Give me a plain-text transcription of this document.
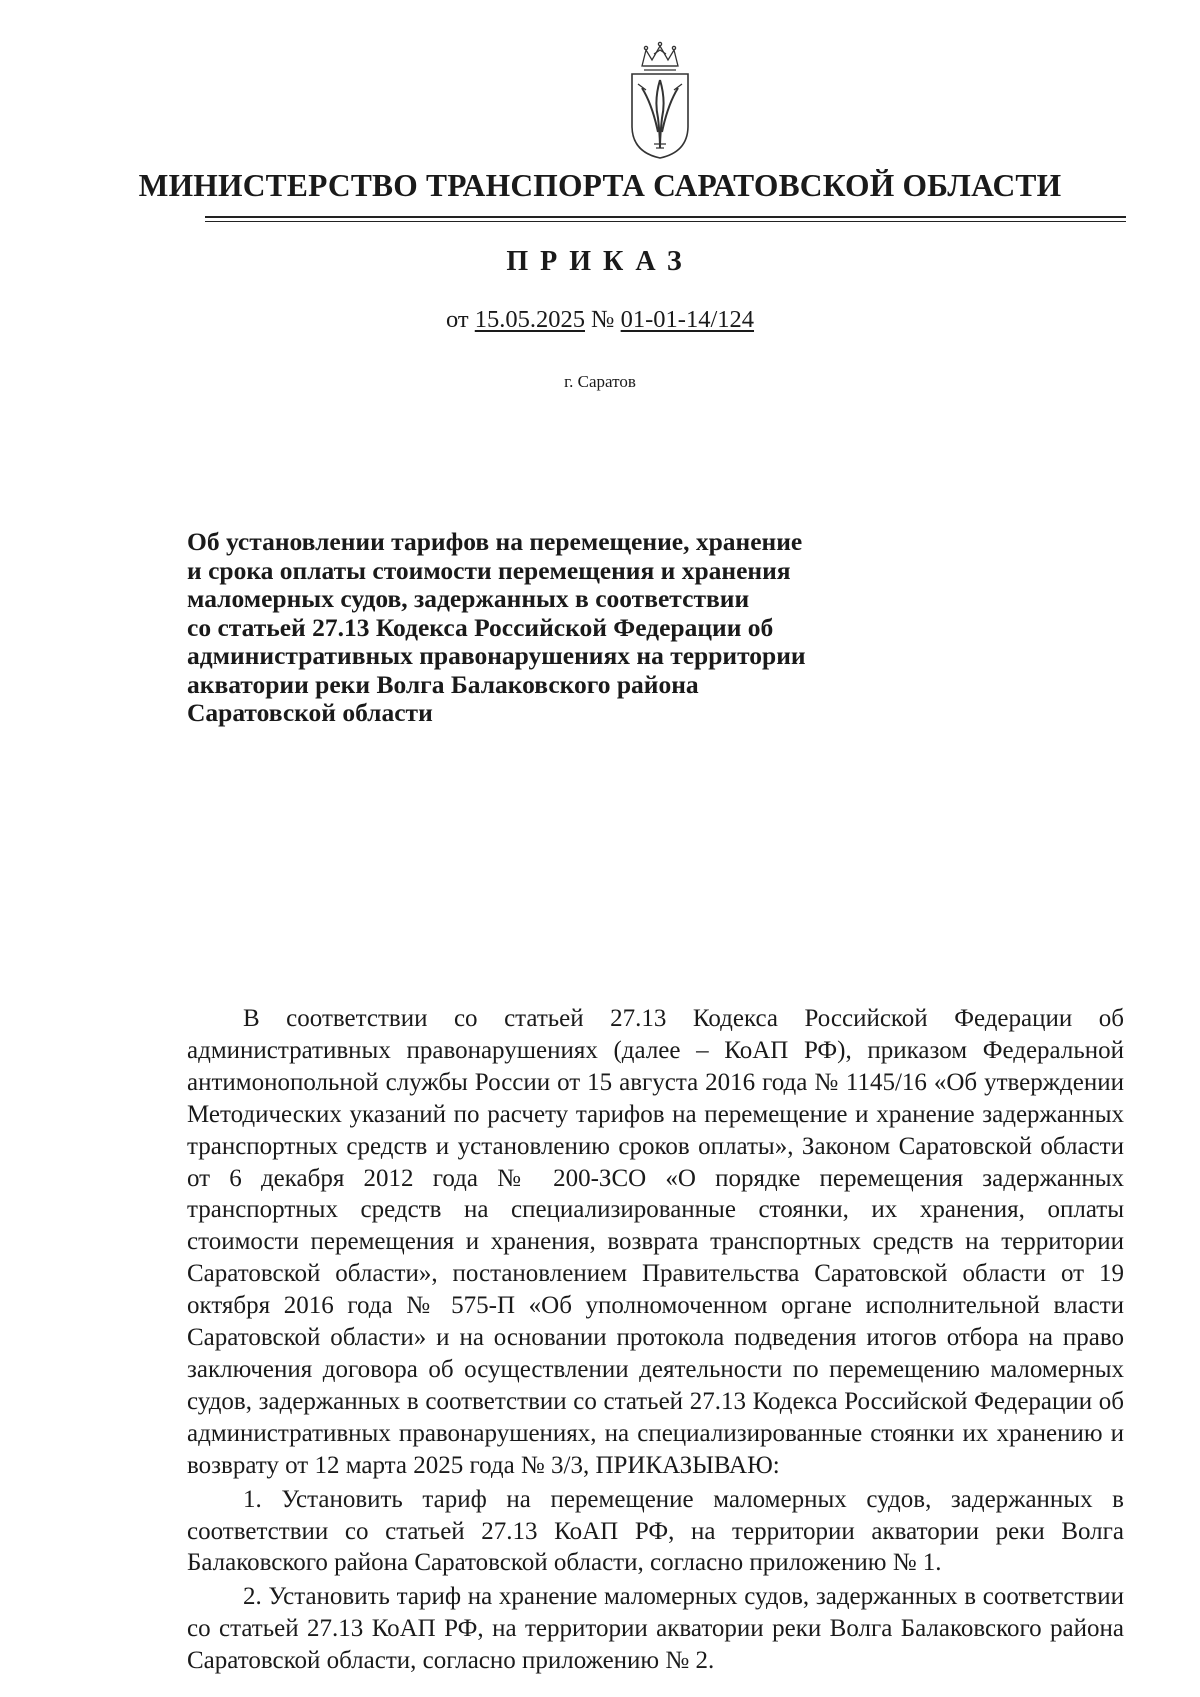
МИНИСТЕРСТВО ТРАНСПОРТА САРАТОВСКОЙ ОБЛАСТИ
ПРИКАЗ
от 15.05.2025 № 01-01-14/124
г. Саратов
Об установлении тарифов на перемещение, хранение
и срока оплаты стоимости перемещения и хранения
маломерных судов, задержанных в соответствии
со статьей 27.13 Кодекса Российской Федерации об
административных правонарушениях на территории
акватории реки Волга Балаковского района
Саратовской области

В соответствии со статьей 27.13 Кодекса Российской Федерации об административных правонарушениях (далее – КоАП РФ), приказом Федеральной антимонопольной службы России от 15 августа 2016 года № 1145/16 «Об утверждении Методических указаний по расчету тарифов на перемещение и хранение задержанных транспортных средств и установлению сроков оплаты», Законом Саратовской области от 6 декабря 2012 года № 200-ЗСО «О порядке перемещения задержанных транспортных средств на специализированные стоянки, их хранения, оплаты стоимости перемещения и хранения, возврата транспортных средств на территории Саратовской области», постановлением Правительства Саратовской области от 19 октября 2016 года № 575-П «Об уполномоченном органе исполнительной власти Саратовской области» и на основании протокола подведения итогов отбора на право заключения договора об осуществлении деятельности по перемещению маломерных судов, задержанных в соответствии со статьей 27.13 Кодекса Российской Федерации об административных правонарушениях, на специализированные стоянки их хранению и возврату от 12 марта 2025 года № 3/3, ПРИКАЗЫВАЮ:

1. Установить тариф на перемещение маломерных судов, задержанных в соответствии со статьей 27.13 КоАП РФ, на территории акватории реки Волга Балаковского района Саратовской области, согласно приложению № 1.

2. Установить тариф на хранение маломерных судов, задержанных в соответствии со статьей 27.13 КоАП РФ, на территории акватории реки Волга Балаковского района Саратовской области, согласно приложению № 2.
